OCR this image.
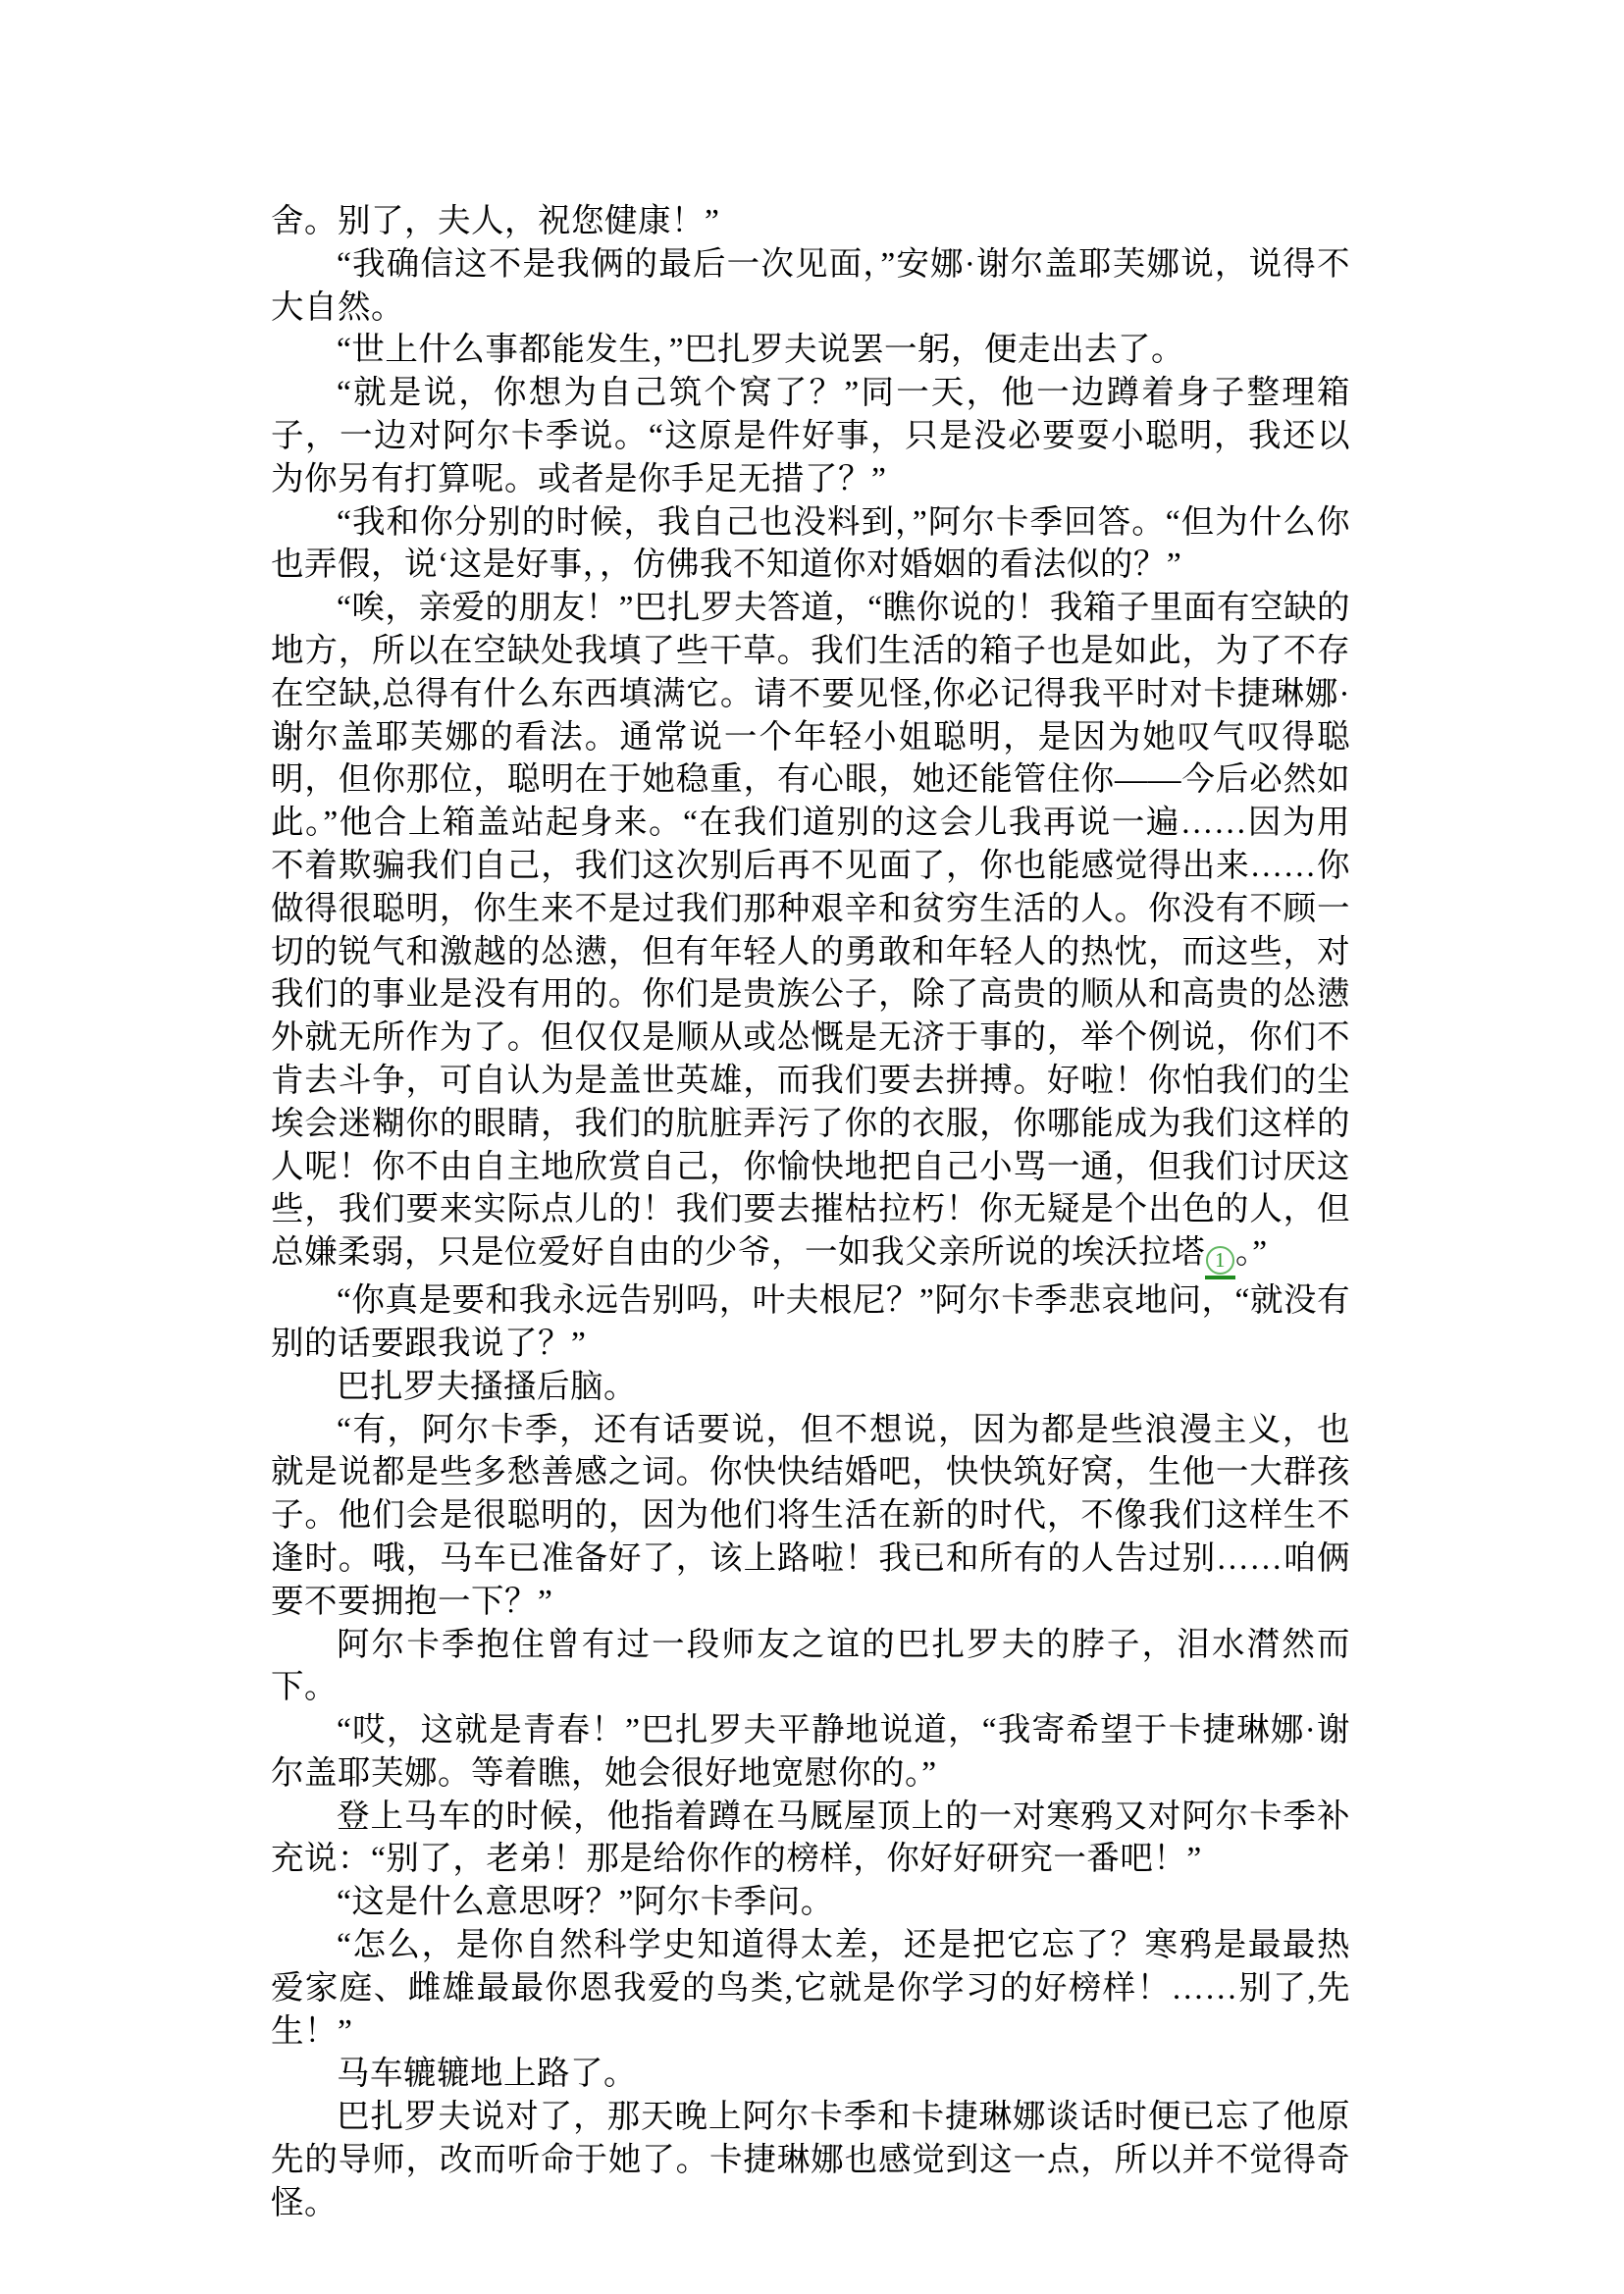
舍。别了，夫人，祝您健康！”

“我确信这不是我俩的最后一次见面，”安娜·谢尔盖耶芙娜说，说得不大自然。

“世上什么事都能发生，”巴扎罗夫说罢一躬，便走出去了。

“就是说，你想为自己筑个窝了？”同一天，他一边蹲着身子整理箱子，一边对阿尔卡季说。“这原是件好事，只是没必要耍小聪明，我还以为你另有打算呢。或者是你手足无措了？”

“我和你分别的时候，我自己也没料到，”阿尔卡季回答。“但为什么你也弄假，说‘这是好事，，仿佛我不知道你对婚姻的看法似的？”

“唉，亲爱的朋友！”巴扎罗夫答道，“瞧你说的！我箱子里面有空缺的地方，所以在空缺处我填了些干草。我们生活的箱子也是如此，为了不存在空缺,总得有什么东西填满它。请不要见怪,你必记得我平时对卡捷琳娜·谢尔盖耶芙娜的看法。通常说一个年轻小姐聪明，是因为她叹气叹得聪明，但你那位，聪明在于她稳重，有心眼，她还能管住你——今后必然如此。”他合上箱盖站起身来。“在我们道别的这会儿我再说一遍……因为用不着欺骗我们自己，我们这次别后再不见面了，你也能感觉得出来……你做得很聪明，你生来不是过我们那种艰辛和贫穷生活的人。你没有不顾一切的锐气和激越的怂懑，但有年轻人的勇敢和年轻人的热忱，而这些，对我们的事业是没有用的。你们是贵族公子，除了高贵的顺从和高贵的怂懑外就无所作为了。但仅仅是顺从或怂慨是无济于事的，举个例说，你们不肯去斗争，可自认为是盖世英雄，而我们要去拼搏。好啦！你怕我们的尘埃会迷糊你的眼睛，我们的肮脏弄污了你的衣服，你哪能成为我们这样的人呢！你不由自主地欣赏自己，你愉快地把自己小骂一通，但我们讨厌这些，我们要来实际点儿的！我们要去摧枯拉朽！你无疑是个出色的人，但总嫌柔弱，只是位爱好自由的少爷，一如我父亲所说的埃沃拉塔 1 。”

“你真是要和我永远告别吗，叶夫根尼？”阿尔卡季悲哀地问，“就没有别的话要跟我说了？”

巴扎罗夫搔搔后脑。

“有，阿尔卡季，还有话要说，但不想说，因为都是些浪漫主义，也就是说都是些多愁善感之词。你快快结婚吧，快快筑好窝，生他一大群孩子。他们会是很聪明的，因为他们将生活在新的时代，不像我们这样生不逢时。哦，马车已准备好了，该上路啦！我已和所有的人告过别……咱俩要不要拥抱一下？”

阿尔卡季抱住曾有过一段师友之谊的巴扎罗夫的脖子，泪水潸然而下。

“哎，这就是青春！”巴扎罗夫平静地说道，“我寄希望于卡捷琳娜·谢尔盖耶芙娜。等着瞧，她会很好地宽慰你的。”

登上马车的时候，他指着蹲在马厩屋顶上的一对寒鸦又对阿尔卡季补充说：“别了，老弟！那是给你作的榜样，你好好研究一番吧！”

“这是什么意思呀？”阿尔卡季问。

“怎么，是你自然科学史知道得太差，还是把它忘了？寒鸦是最最热爱家庭、雌雄最最你恩我爱的鸟类,它就是你学习的好榜样！……别了,先生！”

马车辘辘地上路了。

巴扎罗夫说对了，那天晚上阿尔卡季和卡捷琳娜谈话时便已忘了他原先的导师，改而听命于她了。卡捷琳娜也感觉到这一点，所以并不觉得奇怪。
